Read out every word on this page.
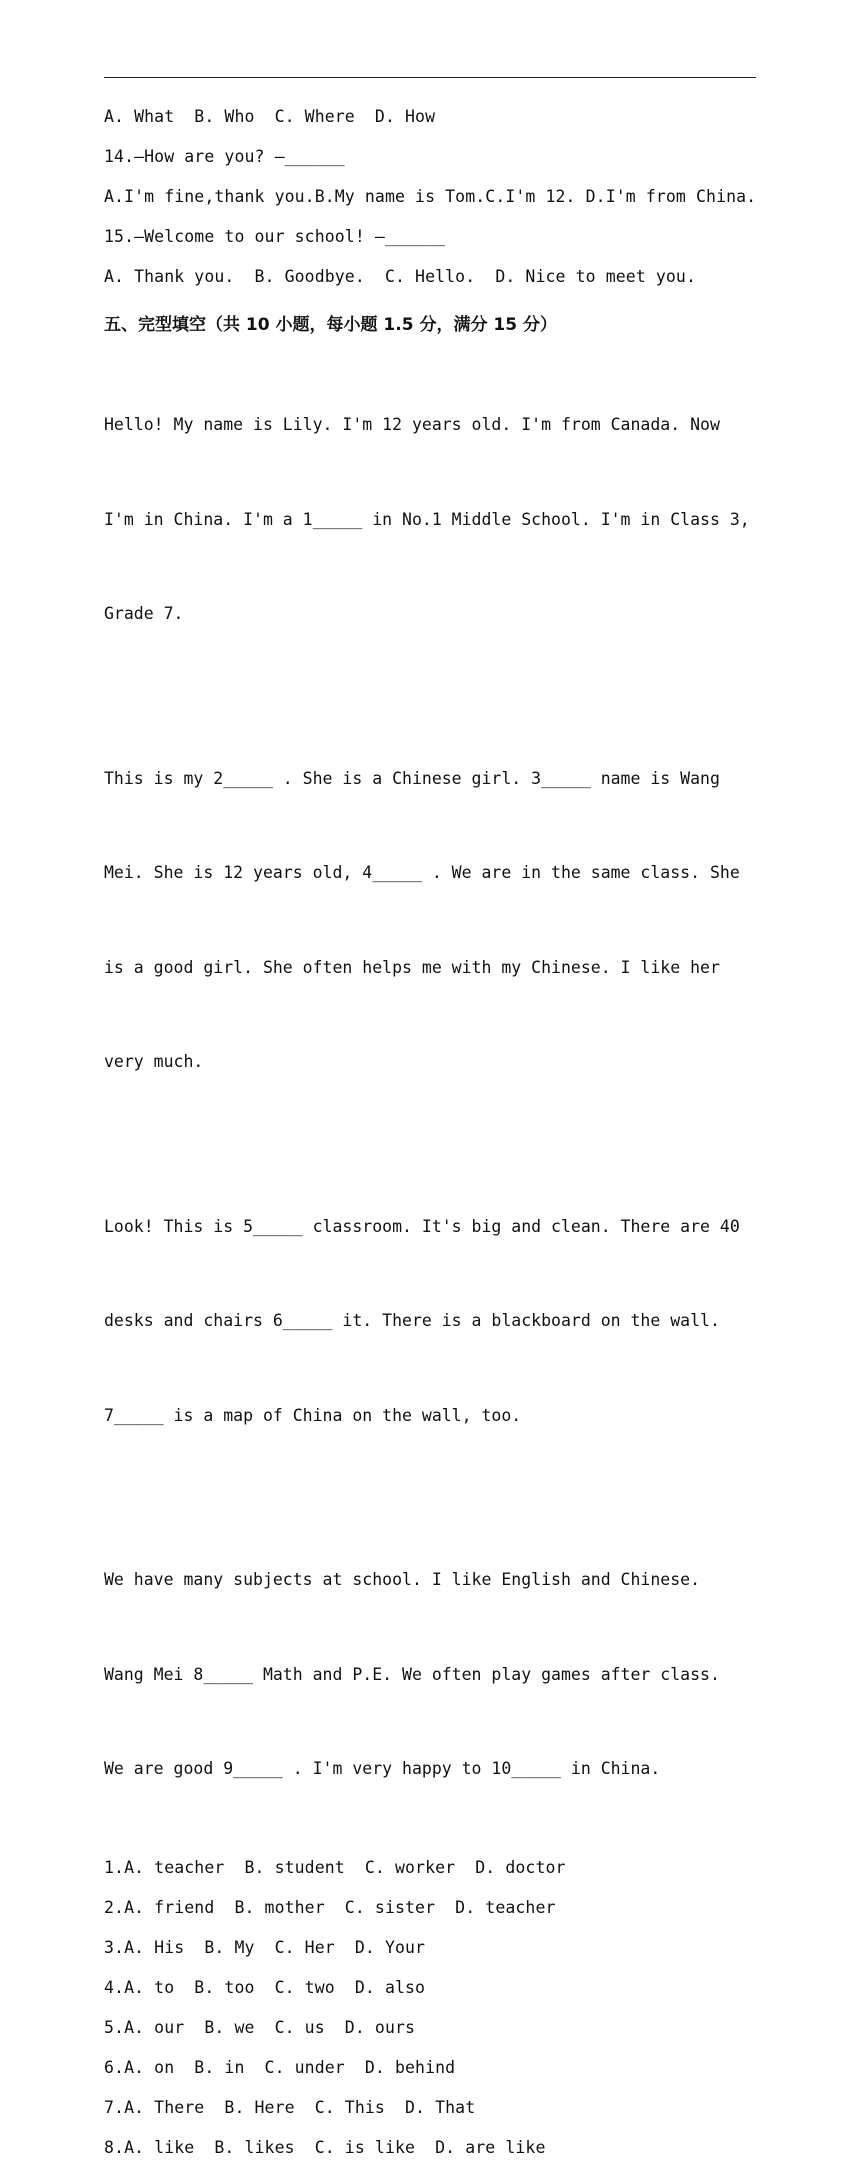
A. What  B. Who  C. Where  D. How
14.—How are you? —______
A.I'm fine,thank you.B.My name is Tom.C.I'm 12. D.I'm from China.
15.—Welcome to our school! —______
A. Thank you.  B. Goodbye.  C. Hello.  D. Nice to meet you.
五、完型填空（共 10 小题，每小题 1.5 分，满分 15 分）

Hello! My name is Lily. I'm 12 years old. I'm from Canada. Now

I'm in China. I'm a 1_____ in No.1 Middle School. I'm in Class 3,

Grade 7.

This is my 2_____ . She is a Chinese girl. 3_____ name is Wang

Mei. She is 12 years old, 4_____ . We are in the same class. She

is a good girl. She often helps me with my Chinese. I like her

very much.

Look! This is 5_____ classroom. It's big and clean. There are 40

desks and chairs 6_____ it. There is a blackboard on the wall.

7_____ is a map of China on the wall, too.

We have many subjects at school. I like English and Chinese.

Wang Mei 8_____ Math and P.E. We often play games after class.

We are good 9_____ . I'm very happy to 10_____ in China.

1.A. teacher  B. student  C. worker  D. doctor
2.A. friend  B. mother  C. sister  D. teacher
3.A. His  B. My  C. Her  D. Your
4.A. to  B. too  C. two  D. also
5.A. our  B. we  C. us  D. ours
6.A. on  B. in  C. under  D. behind
7.A. There  B. Here  C. This  D. That
8.A. like  B. likes  C. is like  D. are like
